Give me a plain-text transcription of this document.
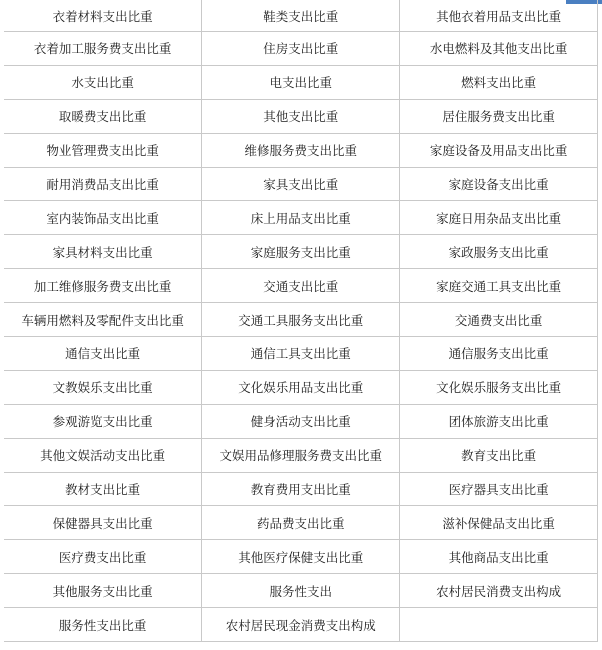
衣着材料支出比重	鞋类支出比重	其他衣着用品支出比重
衣着加工服务费支出比重	住房支出比重	水电燃料及其他支出比重
水支出比重	电支出比重	燃料支出比重
取暖费支出比重	其他支出比重	居住服务费支出比重
物业管理费支出比重	维修服务费支出比重	家庭设备及用品支出比重
耐用消费品支出比重	家具支出比重	家庭设备支出比重
室内装饰品支出比重	床上用品支出比重	家庭日用杂品支出比重
家具材料支出比重	家庭服务支出比重	家政服务支出比重
加工维修服务费支出比重	交通支出比重	家庭交通工具支出比重
车辆用燃料及零配件支出比重	交通工具服务支出比重	交通费支出比重
通信支出比重	通信工具支出比重	通信服务支出比重
文教娱乐支出比重	文化娱乐用品支出比重	文化娱乐服务支出比重
参观游览支出比重	健身活动支出比重	团体旅游支出比重
其他文娱活动支出比重	文娱用品修理服务费支出比重	教育支出比重
教材支出比重	教育费用支出比重	医疗器具支出比重
保健器具支出比重	药品费支出比重	滋补保健品支出比重
医疗费支出比重	其他医疗保健支出比重	其他商品支出比重
其他服务支出比重	服务性支出	农村居民消费支出构成
服务性支出比重	农村居民现金消费支出构成	
